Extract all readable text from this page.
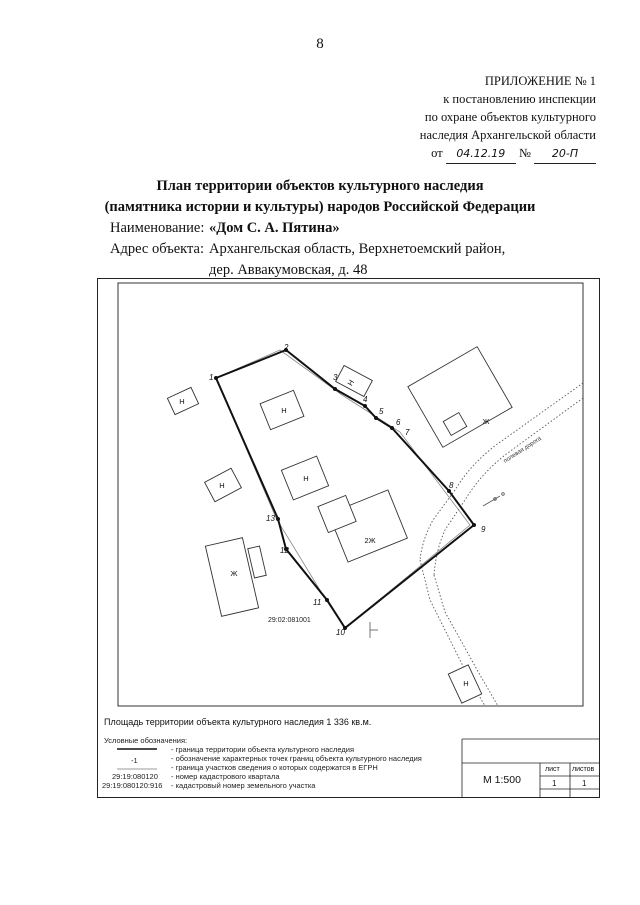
8
ПРИЛОЖЕНИЕ № 1
к постановлению инспекции
по охране объектов культурного
наследия Архангельской области
от 04.12.19 № 20-П
План территории объектов культурного наследия
(памятника истории и культуры) народов Российской Федерации
Наименование: «Дом С. А. Пятина»
Адрес объекта: Архангельская область, Верхнетоемский район,
дер. Аввакумовская, д. 48
Н
Н
Н
Н
Н
2Ж
Ж
Ж
Н
полевая дорога
29:02:081001
1
2
3
4
5
6
7
8
9
10
11
12
13
Площадь территории объекта культурного наследия 1 336 кв.м.
Условные обозначения:
-1
29:19:080120
29:19:080120:916
- граница территории объекта культурного наследия
- обозначение характерных точек границ объекта культурного наследия
- граница участков сведения о которых содержатся в ЕГРН
- номер кадастрового квартала
- кадастровый номер земельного участка	М 1:500
лист листов
1	1
